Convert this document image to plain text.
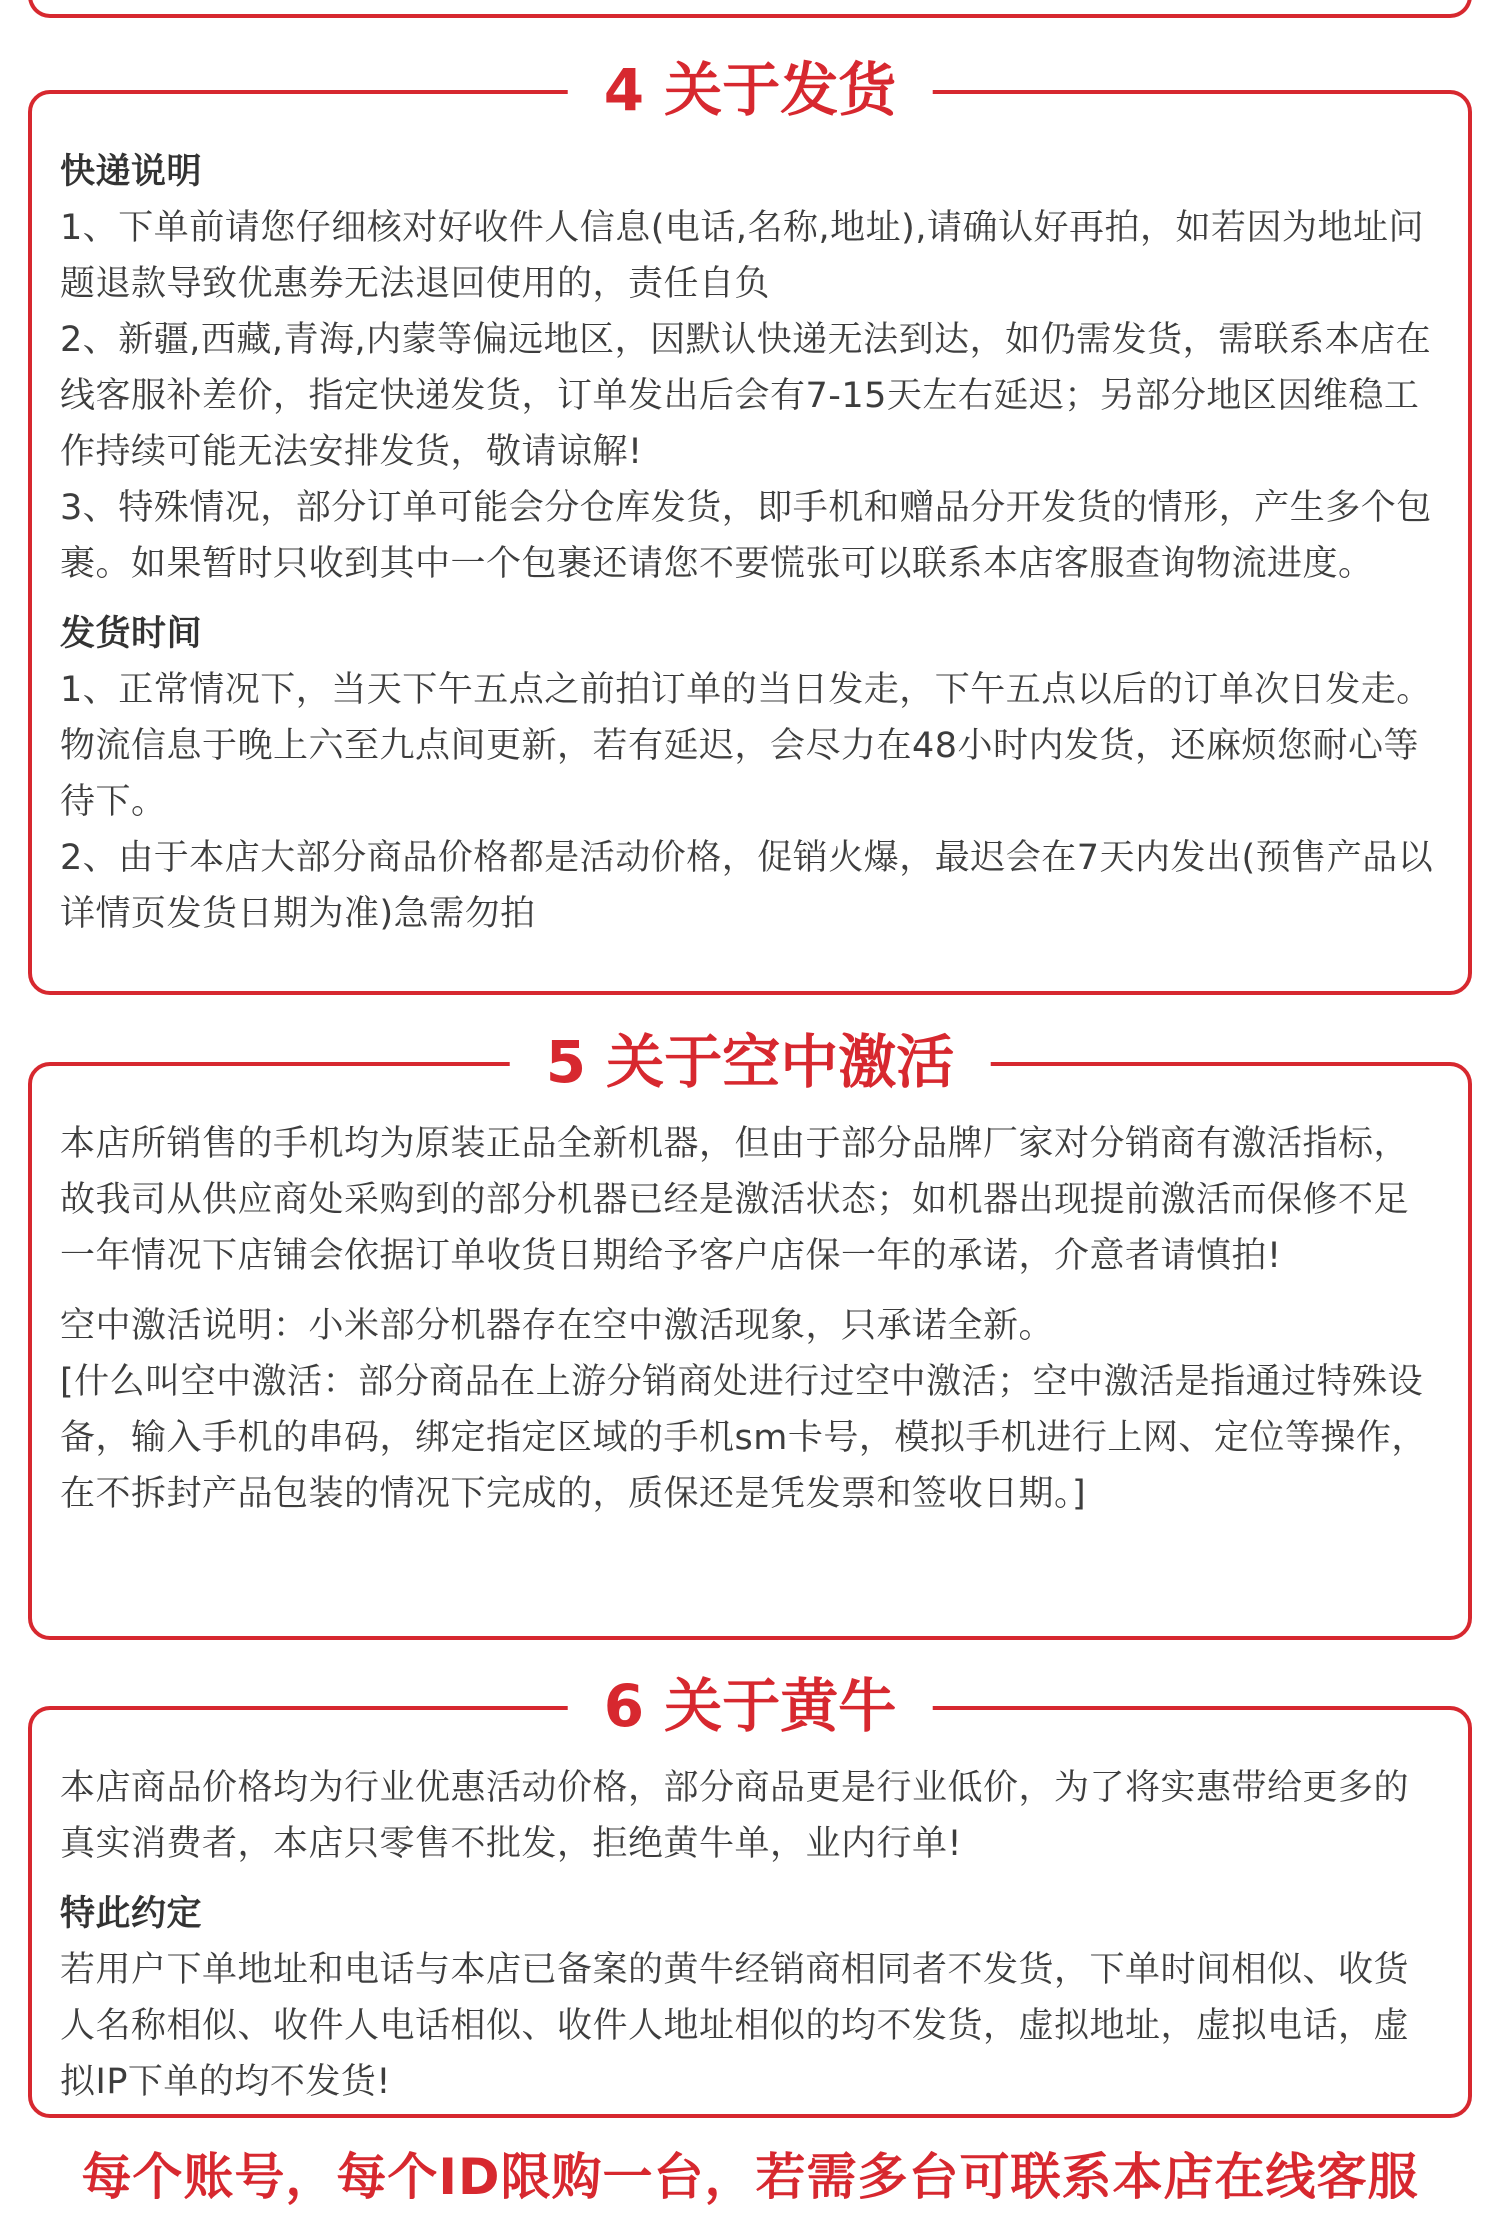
4 关于发货

快递说明

1、下单前请您仔细核对好收件人信息(电话,名称,地址),请确认好再拍，如若因为地址问题退款导致优惠券无法退回使用的，责任自负

2、新疆,西藏,青海,内蒙等偏远地区，因默认快递无法到达，如仍需发货，需联系本店在线客服补差价，指定快递发货，订单发出后会有7-15天左右延迟；另部分地区因维稳工作持续可能无法安排发货，敬请谅解!

3、特殊情况，部分订单可能会分仓库发货，即手机和赠品分开发货的情形，产生多个包裹。如果暂时只收到其中一个包裹还请您不要慌张可以联系本店客服查询物流进度。

发货时间

1、正常情况下，当天下午五点之前拍订单的当日发走，下午五点以后的订单次日发走。物流信息于晚上六至九点间更新，若有延迟，会尽力在48小时内发货，还麻烦您耐心等待下。

2、由于本店大部分商品价格都是活动价格，促销火爆，最迟会在7天内发出(预售产品以详情页发货日期为准)急需勿拍

5 关于空中激活

本店所销售的手机均为原装正品全新机器，但由于部分品牌厂家对分销商有激活指标，故我司从供应商处采购到的部分机器已经是激活状态；如机器出现提前激活而保修不足一年情况下店铺会依据订单收货日期给予客户店保一年的承诺，介意者请慎拍!

空中激活说明：小米部分机器存在空中激活现象，只承诺全新。

[什么叫空中激活：部分商品在上游分销商处进行过空中激活；空中激活是指通过特殊设备，输入手机的串码，绑定指定区域的手机sm卡号，模拟手机进行上网、定位等操作，在不拆封产品包装的情况下完成的，质保还是凭发票和签收日期。]

6 关于黄牛

本店商品价格均为行业优惠活动价格，部分商品更是行业低价，为了将实惠带给更多的真实消费者，本店只零售不批发，拒绝黄牛单，业内行单!

特此约定

若用户下单地址和电话与本店已备案的黄牛经销商相同者不发货，下单时间相似、收货人名称相似、收件人电话相似、收件人地址相似的均不发货，虚拟地址，虚拟电话，虚拟IP下单的均不发货!

每个账号，每个ID限购一台，若需多台可联系本店在线客服
